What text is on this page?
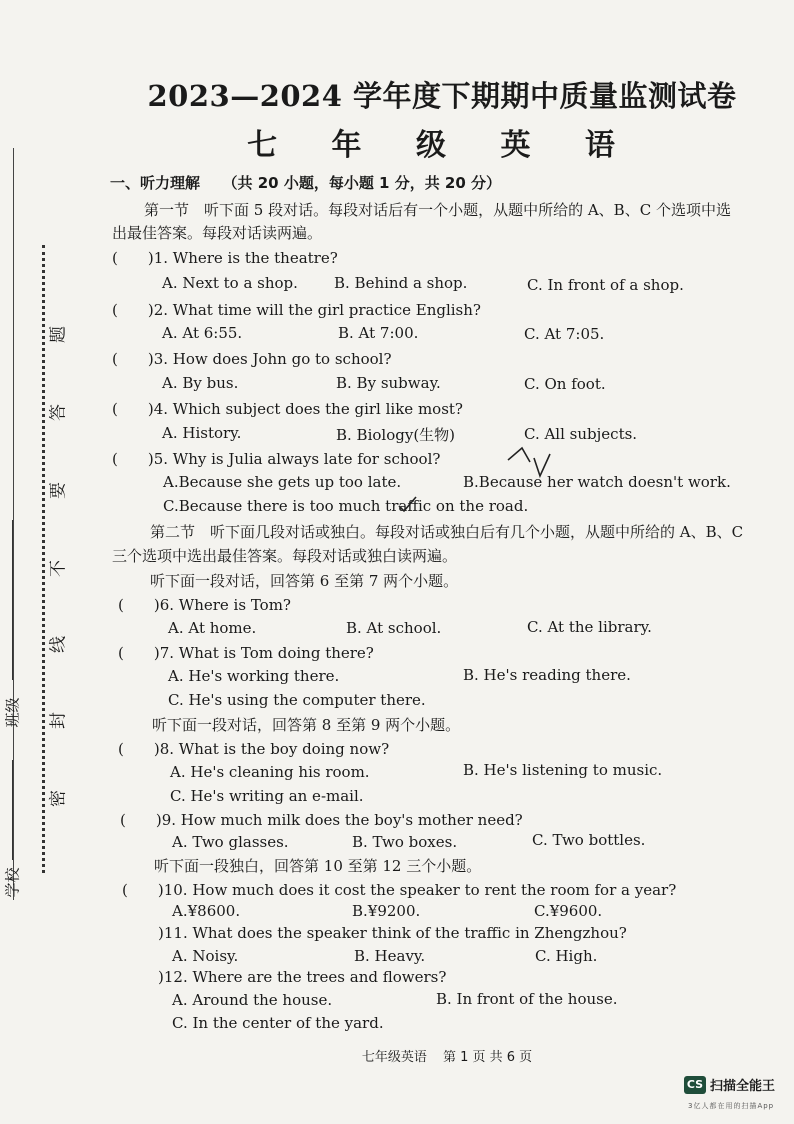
题
答
要
不
线
封
密
学校
班级
2023—2024 学年度下期期中质量监测试卷
七 年 级 英 语
一、听力理解　　（共 20 小题，每小题 1 分，共 20 分）
第一节　听下面 5 段对话。每段对话后有一个小题，从题中所给的 A、B、C 个选项中选
出最佳答案。每段对话读两遍。
(　　)1. Where is the theatre?
A. Next to a shop. B. Behind a shop.	C. In front of a shop.
(　　)2. What time will the girl practice English?
A. At 6:55.	B. At 7:00.	C. At 7:05.
(　　)3. How does John go to school?
A. By bus.	B. By subway.	C. On foot.
(　　)4. Which subject does the girl like most?
A. History.	B. Biology(生物)	C. All subjects.
(　　)5. Why is Julia always late for school?
A.Because she gets up too late.	B.Because her watch doesn't work.
C.Because there is too much traffic on the road.
第二节　听下面几段对话或独白。每段对话或独白后有几个小题，从题中所给的 A、B、C
三个选项中选出最佳答案。每段对话或独白读两遍。
听下面一段对话，回答第 6 至第 7 两个小题。
(　　)6. Where is Tom?
A. At home.	B. At school.	C. At the library.
(　　)7. What is Tom doing there?
A. He's working there.	B. He's reading there.
C. He's using the computer there.
听下面一段对话，回答第 8 至第 9 两个小题。
(　　)8. What is the boy doing now?
A. He's cleaning his room.	B. He's listening to music.
C. He's writing an e-mail.
(　　)9. How much milk does the boy's mother need?
A. Two glasses.	B. Two boxes.	C. Two bottles.
听下面一段独白，回答第 10 至第 12 三个小题。
(　　)10. How much does it cost the speaker to rent the room for a year?
A.¥8600.	B.¥9200.	C.¥9600.
)11. What does the speaker think of the traffic in Zhengzhou?
A. Noisy.	B. Heavy.	C. High.
)12. Where are the trees and flowers?
A. Around the house.	B. In front of the house.
C. In the center of the yard.
七年级英语 第 1 页 共 6 页
CS 扫描全能王
3亿人都在用的扫描App
